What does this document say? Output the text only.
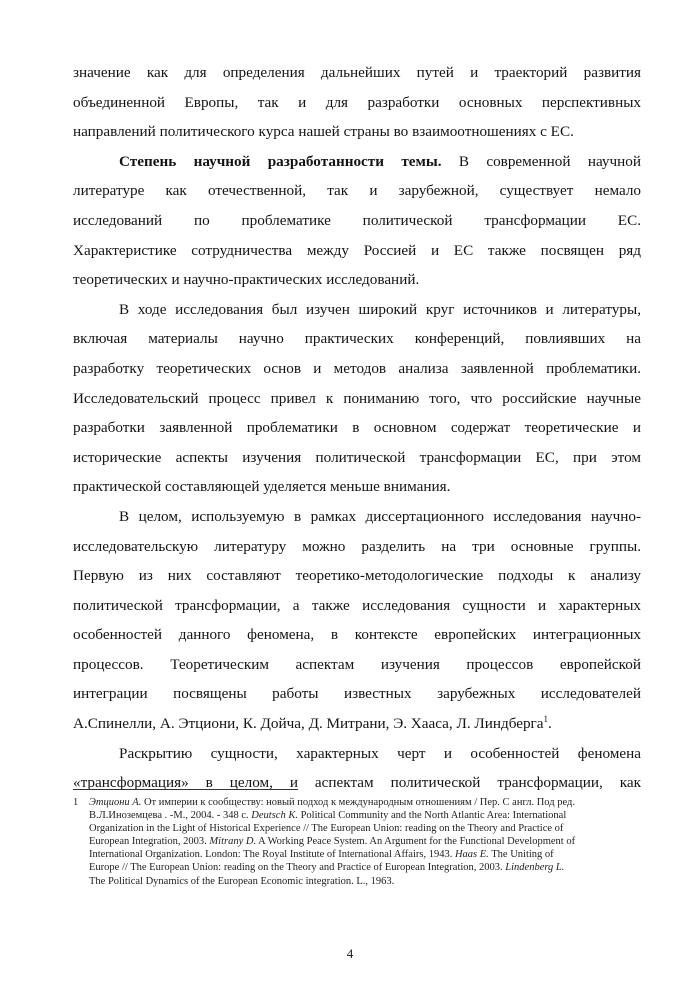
значение как для определения дальнейших путей и траекторий развития
объединенной Европы, так и для разработки основных перспективных
направлений политического курса нашей страны во взаимоотношениях с ЕС.
Степень научной разработанности темы. В современной научной
литературе как отечественной, так и зарубежной, существует немало
исследований по проблематике политической трансформации ЕС.
Характеристике сотрудничества между Россией и ЕС также посвящен ряд
теоретических и научно-практических исследований.
В ходе исследования был изучен широкий круг источников и литературы,
включая материалы научно практических конференций, повлиявших на
разработку теоретических основ и методов анализа заявленной проблематики.
Исследовательский процесс привел к пониманию того, что российские научные
разработки заявленной проблематики в основном содержат теоретические и
исторические аспекты изучения политической трансформации ЕС, при этом
практической составляющей уделяется меньше внимания.
В целом, используемую в рамках диссертационного исследования научно-
исследовательскую литературу можно разделить на три основные группы.
Первую из них составляют теоретико-методологические подходы к анализу
политической трансформации, а также исследования сущности и характерных
особенностей данного феномена, в контексте европейских интеграционных
процессов. Теоретическим аспектам изучения процессов европейской
интеграции посвящены работы известных зарубежных исследователей
А.Спинелли, А. Этциони, К. Дойча, Д. Митрани, Э. Хааса, Л. Линдберга$^1$.
Раскрытию сущности, характерных черт и особенностей феномена
«трансформация» в целом, и аспектам политической трансформации, как
1 Этциони А. От империи к сообществу: новый подход к международным отношениям / Пер. С англ. Под ред.
В.Л.Иноземцева . -М., 2004. - 348 с. Deutsch K. Political Community and the North Atlantic Area: International
Organization in the Light of Historical Experience // The European Union: reading on the Theory and Practice of
European Integration, 2003. Mitrany D. A Working Peace System. An Argument for the Functional Development of
International Organization. London: The Royal Institute of International Affairs, 1943. Haas E. The Uniting of
Europe // The European Union: reading on the Theory and Practice of European Integration, 2003. Lindenberg L.
The Political Dynamics of the European Economic integration. L., 1963.
4
